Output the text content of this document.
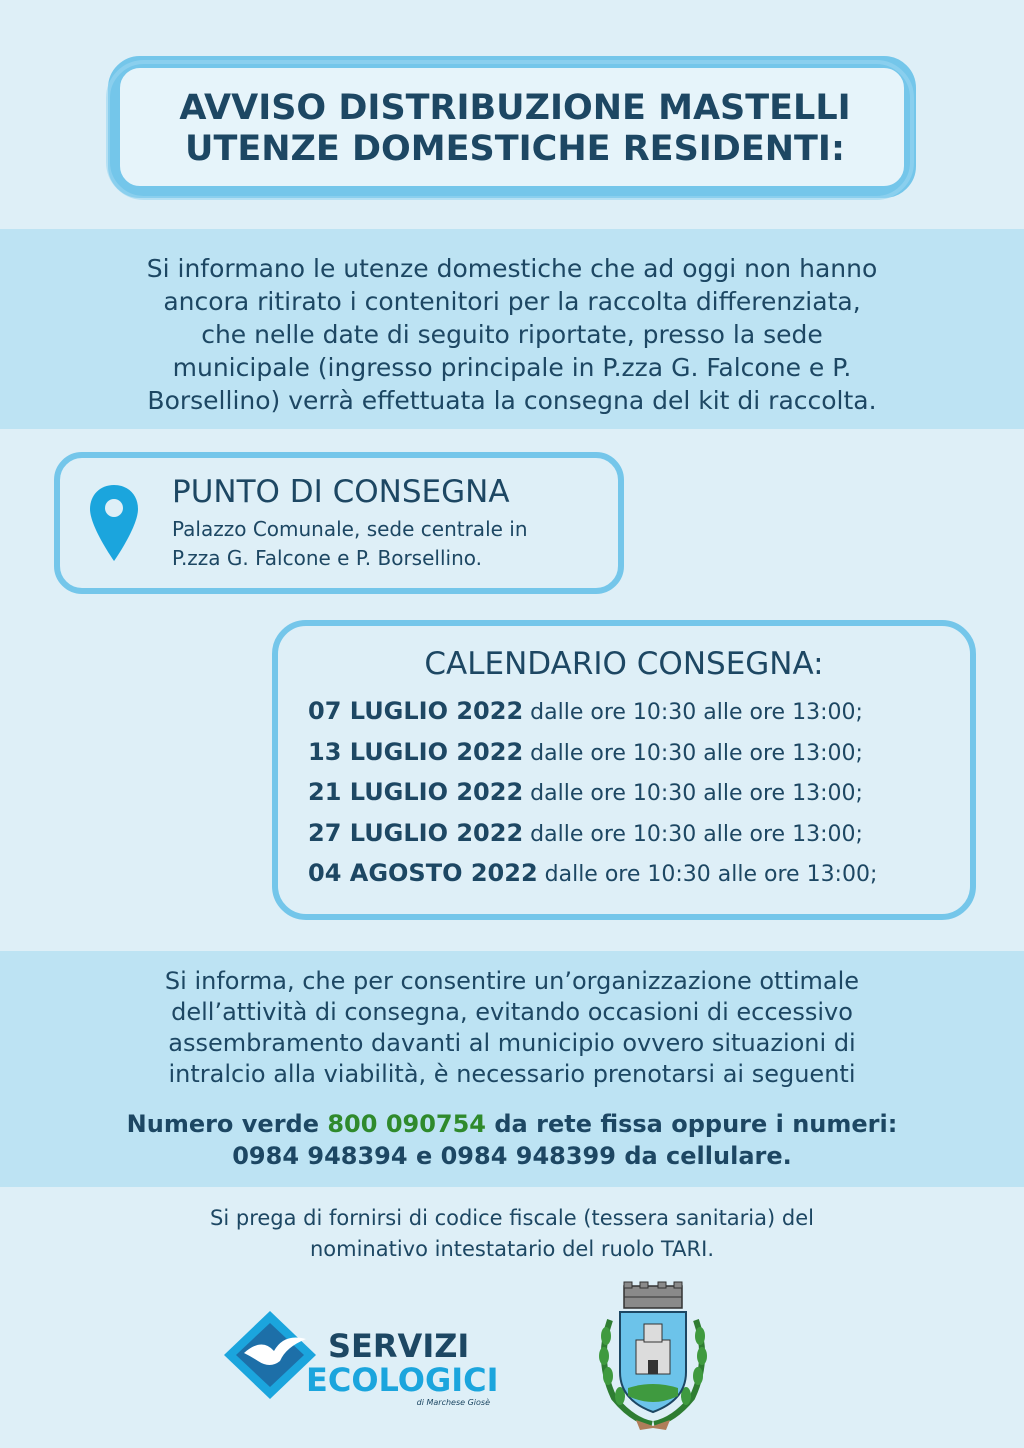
AVVISO DISTRIBUZIONE MASTELLI
UTENZE DOMESTICHE RESIDENTI:
Si informano le utenze domestiche che ad oggi non hanno
ancora ritirato i contenitori per la raccolta differenziata,
che nelle date di seguito riportate, presso la sede
municipale (ingresso principale in P.zza G. Falcone e P.
Borsellino) verrà effettuata la consegna del kit di raccolta.
PUNTO DI CONSEGNA
Palazzo Comunale, sede centrale in
P.zza G. Falcone e P. Borsellino.
CALENDARIO CONSEGNA:
07 LUGLIO 2022 dalle ore 10:30 alle ore 13:00;
13 LUGLIO 2022 dalle ore 10:30 alle ore 13:00;
21 LUGLIO 2022 dalle ore 10:30 alle ore 13:00;
27 LUGLIO 2022 dalle ore 10:30 alle ore 13:00;
04 AGOSTO 2022 dalle ore 10:30 alle ore 13:00;
Si informa, che per consentire un’organizzazione ottimale
dell’attività di consegna, evitando occasioni di eccessivo
assembramento davanti al municipio ovvero situazioni di
intralcio alla viabilità, è necessario prenotarsi ai seguenti
Numero verde 800 090754 da rete fissa oppure i numeri:
0984 948394 e 0984 948399 da cellulare.
Si prega di fornirsi di codice fiscale (tessera sanitaria) del
nominativo intestatario del ruolo TARI.
SERVIZI
ECOLOGICI
di Marchese Giosè
